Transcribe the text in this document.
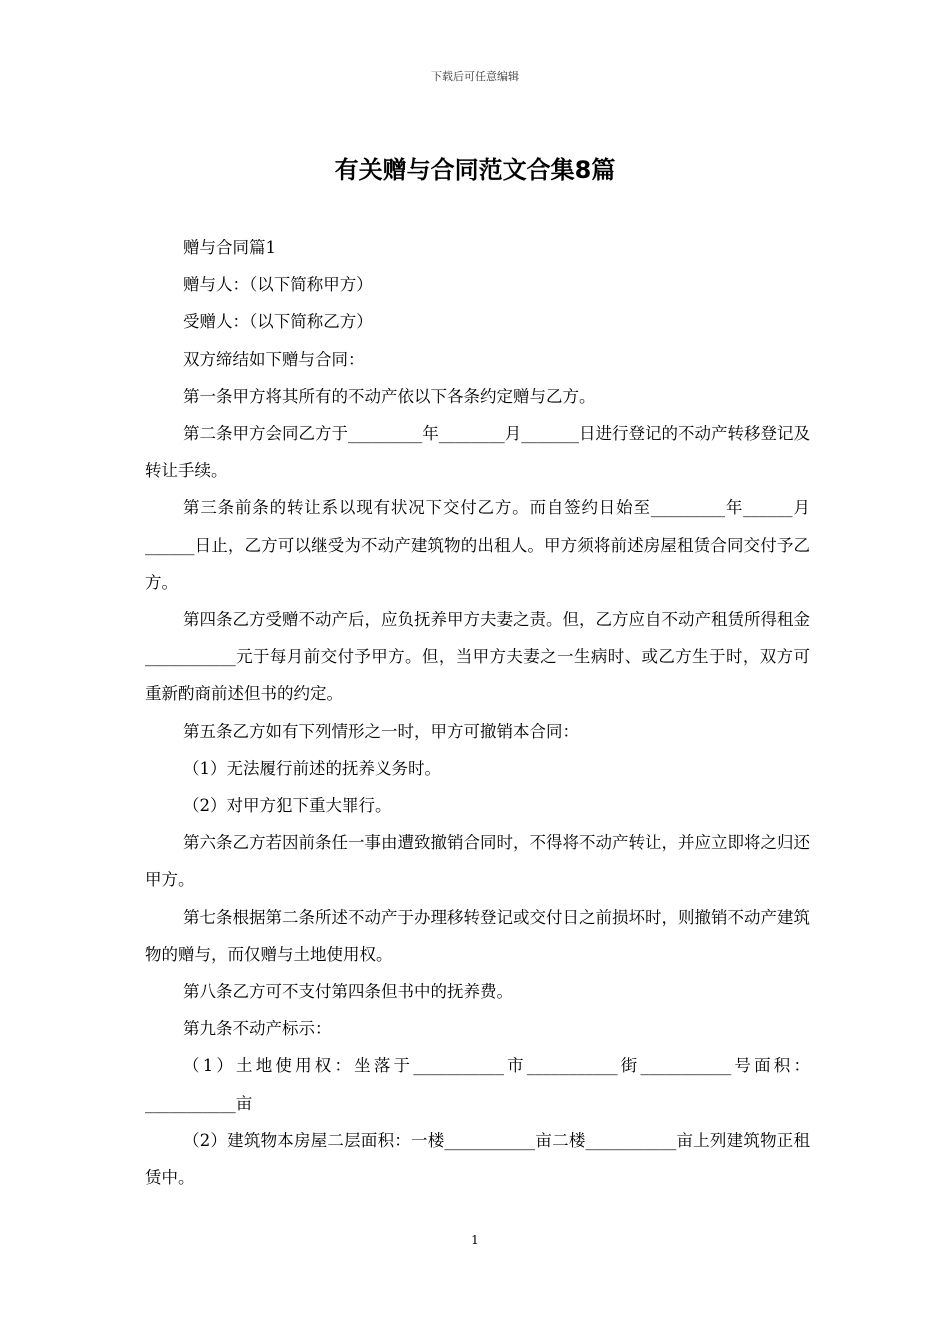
下载后可任意编辑
有关赠与合同范文合集8篇

赠与合同篇1

赠与人：（以下简称甲方）

受赠人：（以下简称乙方）

双方缔结如下赠与合同：

第一条甲方将其所有的不动产依以下各条约定赠与乙方。

第二条甲方会同乙方于_________年________月_______日进行登记的不动产转移登记及转让手续。

第三条前条的转让系以现有状况下交付乙方。而自签约日始至_________年______月______日止，乙方可以继受为不动产建筑物的出租人。甲方须将前述房屋租赁合同交付予乙方。

第四条乙方受赠不动产后，应负抚养甲方夫妻之责。但，乙方应自不动产租赁所得租金___________元于每月前交付予甲方。但，当甲方夫妻之一生病时、或乙方生于时，双方可重新酌商前述但书的约定。

第五条乙方如有下列情形之一时，甲方可撤销本合同：

（1）无法履行前述的抚养义务时。

（2）对甲方犯下重大罪行。

第六条乙方若因前条任一事由遭致撤销合同时，不得将不动产转让，并应立即将之归还甲方。

第七条根据第二条所述不动产于办理移转登记或交付日之前损坏时，则撤销不动产建筑物的赠与，而仅赠与土地使用权。

第八条乙方可不支付第四条但书中的抚养费。

第九条不动产标示：

（1）土地使用权：坐落于___________市___________街___________号面积：___________亩

（2）建筑物本房屋二层面积：一楼___________亩二楼___________亩上列建筑物正租赁中。

1
